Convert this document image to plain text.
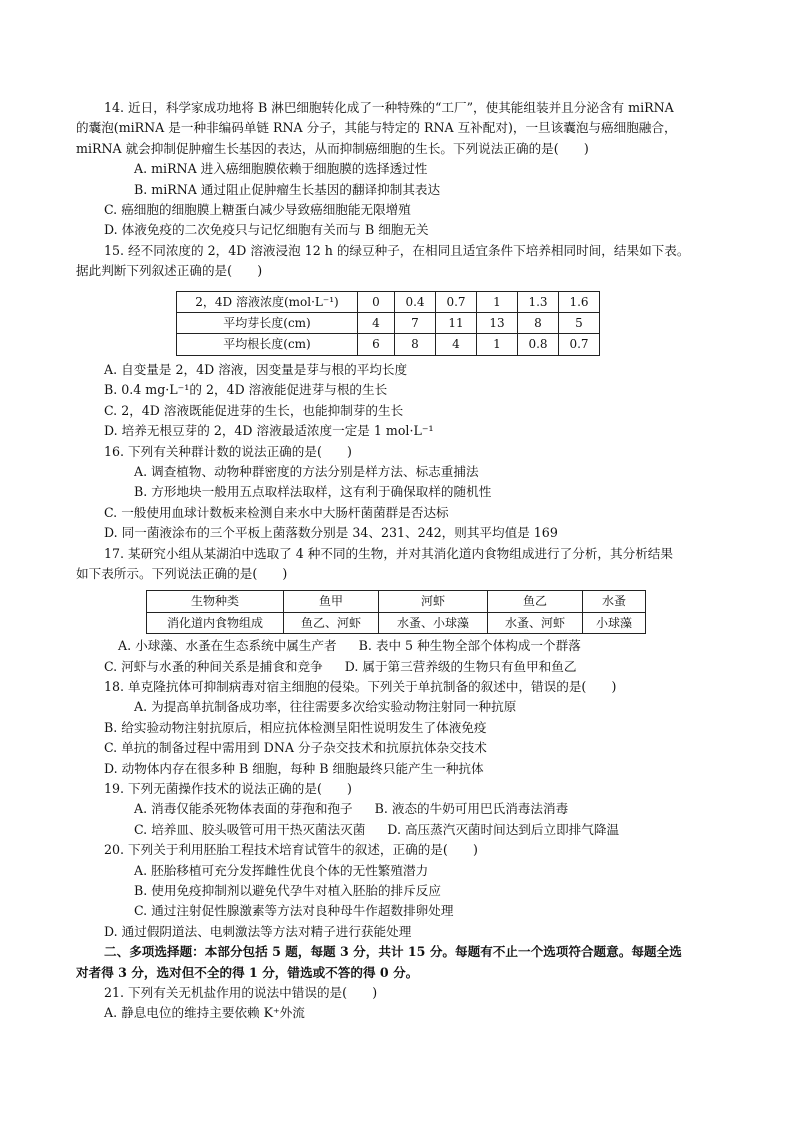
14. 近日，科学家成功地将 B 淋巴细胞转化成了一种特殊的“工厂”，使其能组装并且分泌含有 miRNA
的囊泡(miRNA 是一种非编码单链 RNA 分子，其能与特定的 RNA 互补配对)，一旦该囊泡与癌细胞融合，
miRNA 就会抑制促肿瘤生长基因的表达，从而抑制癌细胞的生长。下列说法正确的是(　　)
A. miRNA 进入癌细胞膜依赖于细胞膜的选择透过性
B. miRNA 通过阻止促肿瘤生长基因的翻译抑制其表达
C. 癌细胞的细胞膜上糖蛋白减少导致癌细胞能无限增殖
D. 体液免疫的二次免疫只与记忆细胞有关而与 B 细胞无关
15. 经不同浓度的 2，4D 溶液浸泡 12 h 的绿豆种子，在相同且适宜条件下培养相同时间，结果如下表。
据此判断下列叙述正确的是(　　)
2，4D 溶液浓度(mol·L⁻¹)	0	0.4	0.7	1	1.3	1.6
平均芽长度(cm)	4	7	11	13	8	5
平均根长度(cm)	6	8	4	1	0.8	0.7
A. 自变量是 2，4D 溶液，因变量是芽与根的平均长度
B. 0.4 mg·L⁻¹的 2，4D 溶液能促进芽与根的生长
C. 2，4D 溶液既能促进芽的生长，也能抑制芽的生长
D. 培养无根豆芽的 2，4D 溶液最适浓度一定是 1 mol·L⁻¹
16. 下列有关种群计数的说法正确的是(　　)
A. 调查植物、动物种群密度的方法分别是样方法、标志重捕法
B. 方形地块一般用五点取样法取样，这有利于确保取样的随机性
C. 一般使用血球计数板来检测自来水中大肠杆菌菌群是否达标
D. 同一菌液涂布的三个平板上菌落数分别是 34、231、242，则其平均值是 169
17. 某研究小组从某湖泊中选取了 4 种不同的生物，并对其消化道内食物组成进行了分析，其分析结果
如下表所示。下列说法正确的是(　　)
生物种类	鱼甲	河虾	鱼乙	水蚤
消化道内食物组成	鱼乙、河虾	水蚤、小球藻	水蚤、河虾	小球藻
A. 小球藻、水蚤在生态系统中属生产者 B. 表中 5 种生物全部个体构成一个群落
C. 河虾与水蚤的种间关系是捕食和竞争 D. 属于第三营养级的生物只有鱼甲和鱼乙
18. 单克隆抗体可抑制病毒对宿主细胞的侵染。下列关于单抗制备的叙述中，错误的是(　　)
A. 为提高单抗制备成功率，往往需要多次给实验动物注射同一种抗原
B. 给实验动物注射抗原后，相应抗体检测呈阳性说明发生了体液免疫
C. 单抗的制备过程中需用到 DNA 分子杂交技术和抗原抗体杂交技术
D. 动物体内存在很多种 B 细胞，每种 B 细胞最终只能产生一种抗体
19. 下列无菌操作技术的说法正确的是(　　)
A. 消毒仅能杀死物体表面的芽孢和孢子 B. 液态的牛奶可用巴氏消毒法消毒
C. 培养皿、胶头吸管可用干热灭菌法灭菌 D. 高压蒸汽灭菌时间达到后立即排气降温
20. 下列关于利用胚胎工程技术培育试管牛的叙述，正确的是(　　)
A. 胚胎移植可充分发挥雌性优良个体的无性繁殖潜力
B. 使用免疫抑制剂以避免代孕牛对植入胚胎的排斥反应
C. 通过注射促性腺激素等方法对良种母牛作超数排卵处理
D. 通过假阴道法、电刺激法等方法对精子进行获能处理
二、多项选择题：本部分包括 5 题，每题 3 分，共计 15 分。每题有不止一个选项符合题意。每题全选
对者得 3 分，选对但不全的得 1 分，错选或不答的得 0 分。
21. 下列有关无机盐作用的说法中错误的是(　　)
A. 静息电位的维持主要依赖 K⁺外流
